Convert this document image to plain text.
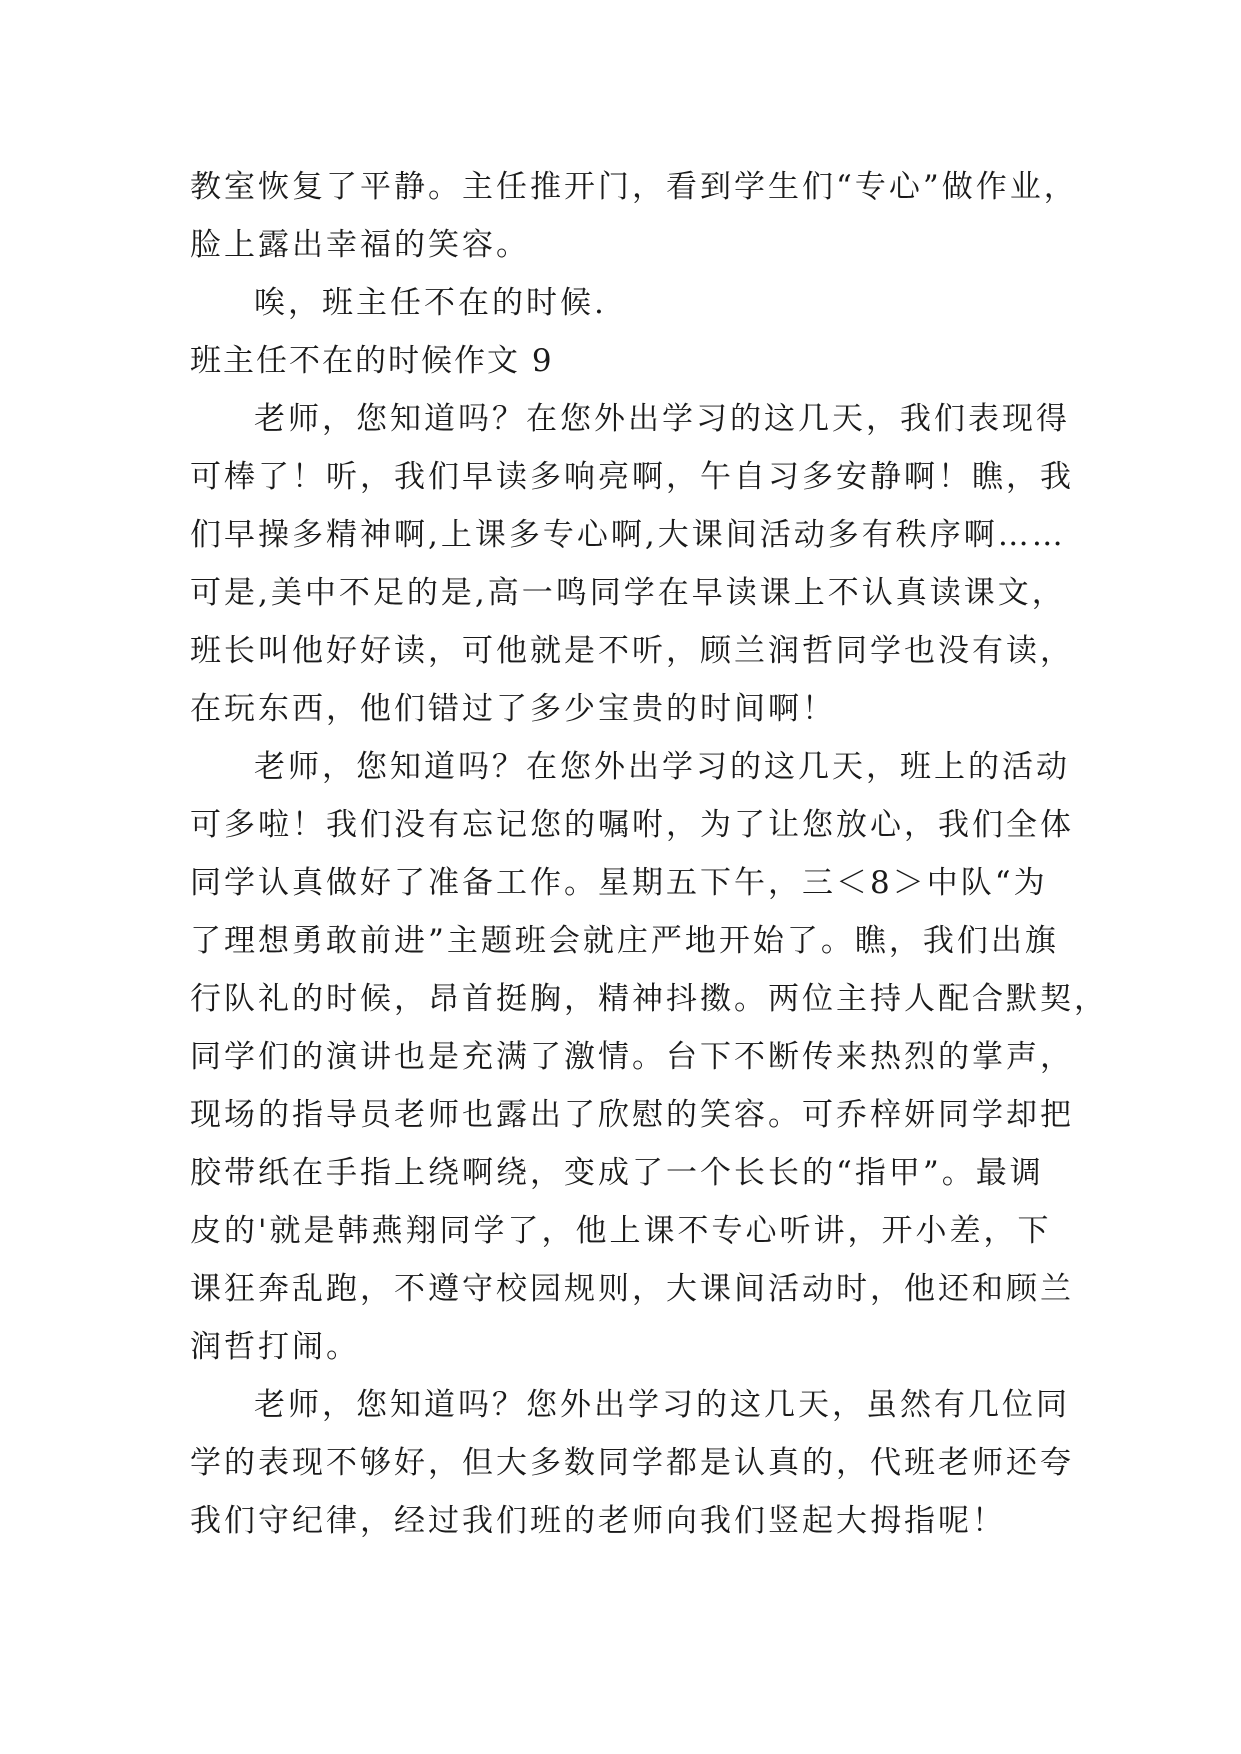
教室恢复了平静。主任推开门，看到学生们“专心”做作业，
脸上露出幸福的笑容。
唉，班主任不在的时候.
班主任不在的时候作文 9
老师，您知道吗？在您外出学习的这几天，我们表现得
可棒了！听，我们早读多响亮啊，午自习多安静啊！瞧，我
们早操多精神啊,上课多专心啊,大课间活动多有秩序啊……
可是,美中不足的是,高一鸣同学在早读课上不认真读课文，
班长叫他好好读，可他就是不听，顾兰润哲同学也没有读，
在玩东西，他们错过了多少宝贵的时间啊！
老师，您知道吗？在您外出学习的这几天，班上的活动
可多啦！我们没有忘记您的嘱咐，为了让您放心，我们全体
同学认真做好了准备工作。星期五下午，三＜8＞中队“为
了理想勇敢前进”主题班会就庄严地开始了。瞧，我们出旗
行队礼的时候，昂首挺胸，精神抖擞。两位主持人配合默契，
同学们的演讲也是充满了激情。台下不断传来热烈的掌声，
现场的指导员老师也露出了欣慰的笑容。可乔梓妍同学却把
胶带纸在手指上绕啊绕，变成了一个长长的“指甲”。最调
皮的'就是韩燕翔同学了，他上课不专心听讲，开小差，下
课狂奔乱跑，不遵守校园规则，大课间活动时，他还和顾兰
润哲打闹。
老师，您知道吗？您外出学习的这几天，虽然有几位同
学的表现不够好，但大多数同学都是认真的，代班老师还夸
我们守纪律，经过我们班的老师向我们竖起大拇指呢！
